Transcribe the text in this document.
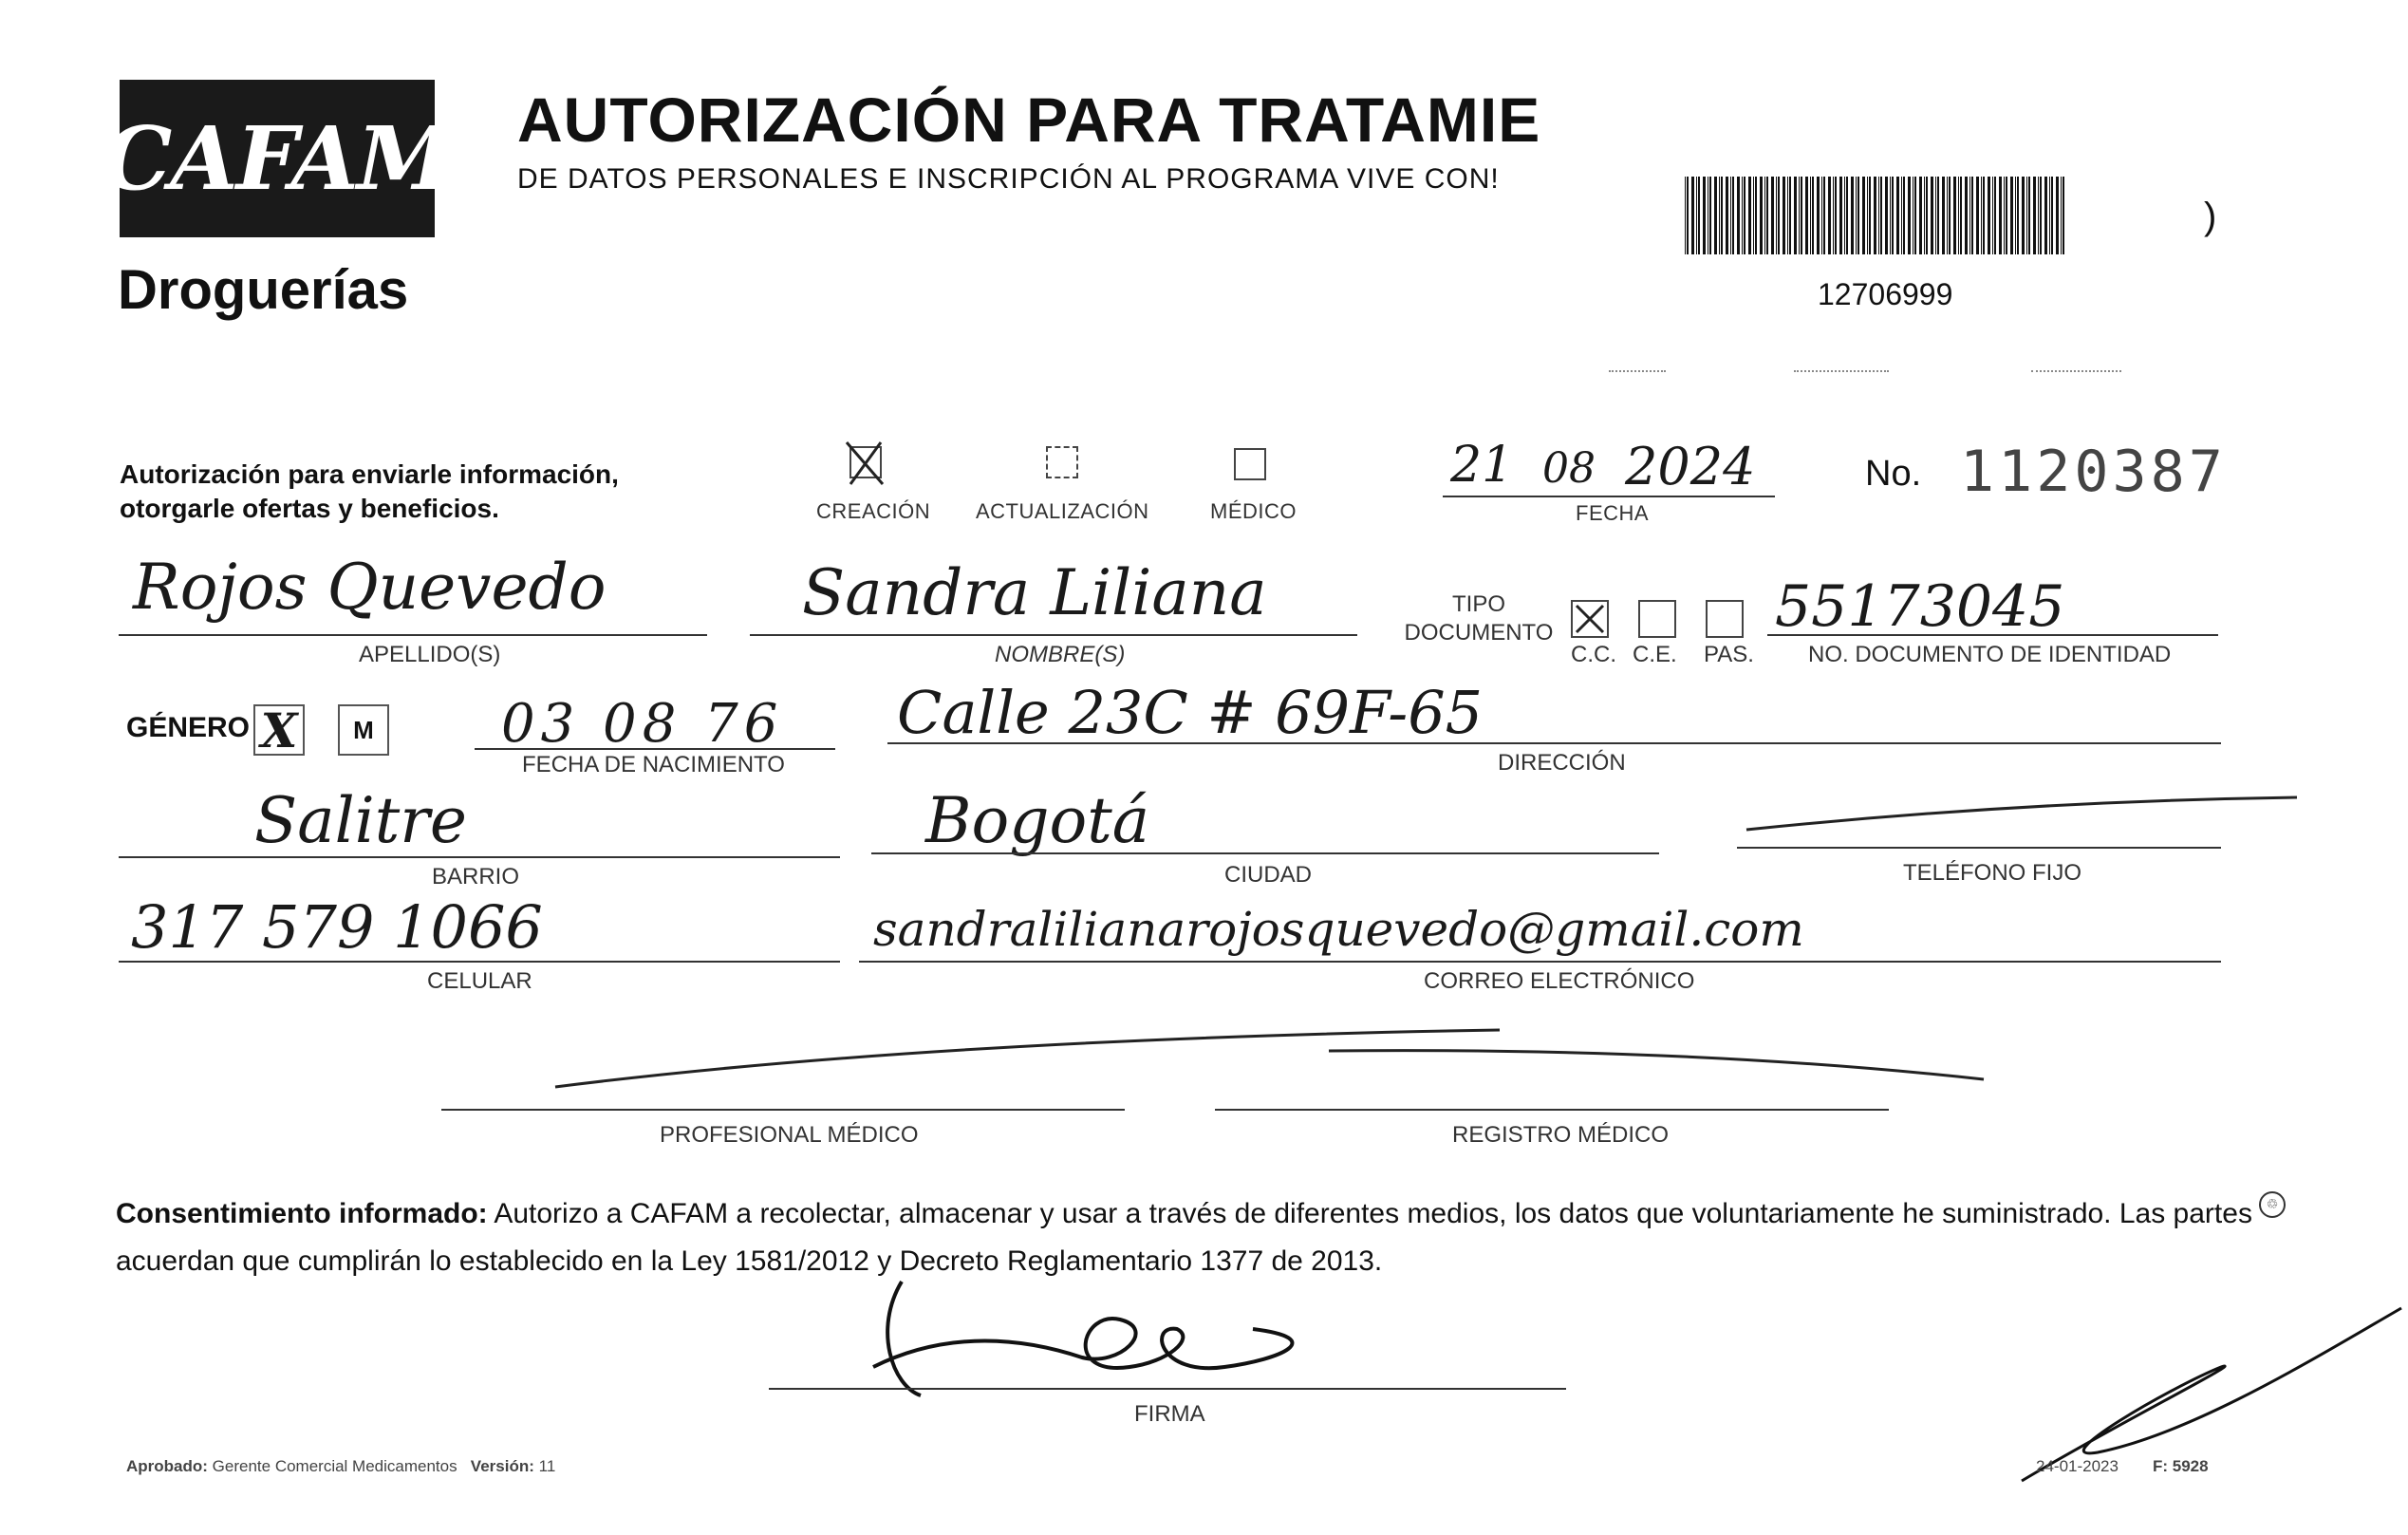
CAFAM
Droguerías
AUTORIZACIÓN PARA TRATAMIE
DE DATOS PERSONALES E INSCRIPCIÓN AL PROGRAMA VIVE CON!
12706999
)
Autorización para enviarle información, otorgarle ofertas y beneficios.	CREACIÓN ACTUALIZACIÓN	MÉDICO
21 08 2024
FECHA
No. 1120387
Rojos Quevedo
APELLIDO(S)
Sandra Liliana
NOMBRE(S)
TIPO DOCUMENTO
C.C. C.E. PAS.
55173045
NO. DOCUMENTO DE IDENTIDAD
GÉNERO X M 03 08 76
FECHA DE NACIMIENTO
Calle 23C # 69F-65
DIRECCIÓN
Salitre
BARRIO
Bogotá
CIUDAD	TELÉFONO FIJO
317 579 1066
CELULAR
sandralilianarojosquevedo@gmail.com
CORREO ELECTRÓNICO
PROFESIONAL MÉDICO	REGISTRO MÉDICO
Consentimiento informado: Autorizo a CAFAM a recolectar, almacenar y usar a través de diferentes medios, los datos que voluntariamente he suministrado. Las partes acuerdan que cumplirán lo establecido en la Ley 1581/2012 y Decreto Reglamentario 1377 de 2013.
FIRMA
♲
Aprobado: Gerente Comercial Medicamentos Versión: 11	24-01-2023 F: 5928
